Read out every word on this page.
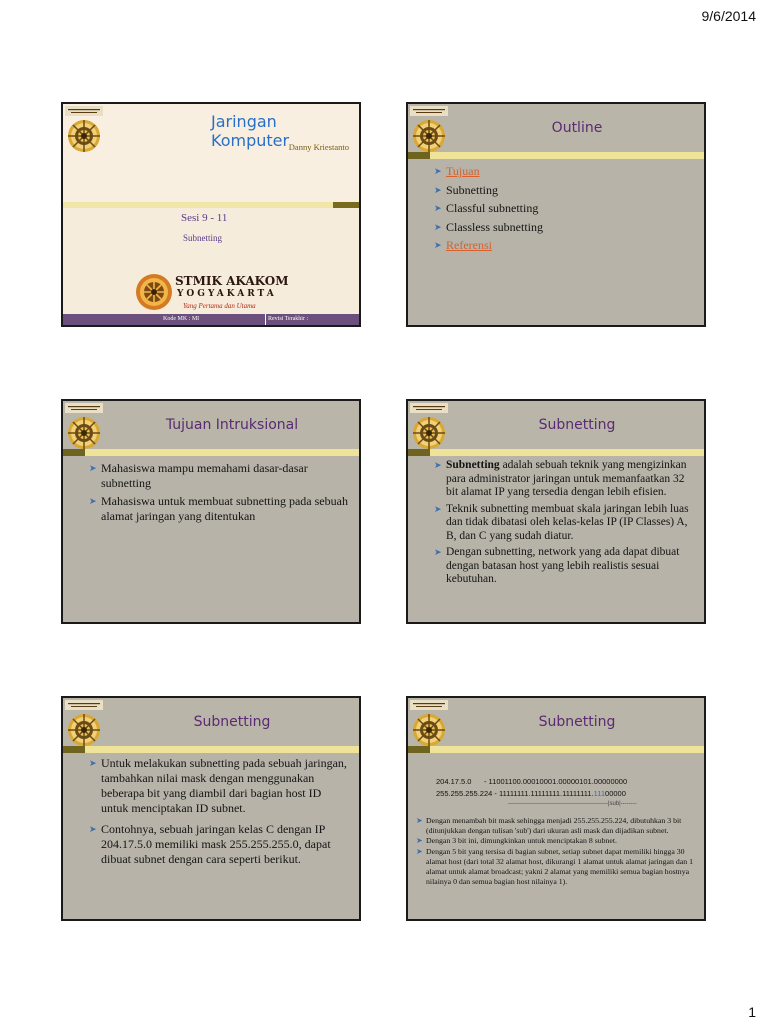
9/6/2014
Jaringan Komputer Danny Kriestanto
Sesi 9 - 11
Subnetting
STMIK AKAKOM
YOGYAKARTA
Yang Pertama dan Utama
Kode MK : MI	Revisi Terakhir :
Outline
➤ Tujuan
➤ Subnetting
➤ Classful subnetting
➤ Classless subnetting
➤ Referensi
Tujuan Intruksional
➤ Mahasiswa mampu memahami dasar-dasar subnetting
➤ Mahasiswa untuk membuat subnetting pada sebuah alamat jaringan yang ditentukan
Subnetting
➤ Subnetting adalah sebuah teknik yang mengizinkan para administrator jaringan untuk memanfaatkan 32 bit alamat IP yang tersedia dengan lebih efisien.
➤ Teknik subnetting membuat skala jaringan lebih luas dan tidak dibatasi oleh kelas-kelas IP (IP Classes) A, B, dan C yang sudah diatur.
➤ Dengan subnetting, network yang ada dapat dibuat dengan batasan host yang lebih realistis sesuai kebutuhan.
Subnetting
➤ Untuk melakukan subnetting pada sebuah jaringan, tambahkan nilai mask dengan menggunakan beberapa bit yang diambil dari bagian host ID untuk menciptakan ID subnet.
➤ Contohnya, sebuah jaringan kelas C dengan IP 204.17.5.0 memiliki mask 255.255.255.0, dapat dibuat subnet dengan cara seperti berikut.
Subnetting
204.17.5.0      - 11001100.00010001.00000101.00000000
255.255.255.224 - 11111111.11111111.11111111.11100000
--------------------------------------------------|sub|--------
➤ Dengan menambah bit mask sehingga menjadi 255.255.255.224, dibutuhkan 3 bit (ditunjukkan dengan tulisan 'sub') dari ukuran asli mask dan dijadikan subnet.
➤ Dengan 3 bit ini, dimungkinkan untuk menciptakan 8 subnet.
➤ Dengan 5 bit yang tersisa di bagian subnet, setiap subnet dapat memiliki hingga 30 alamat host (dari total 32 alamat host, dikurangi 1 alamat untuk alamat jaringan dan 1 alamat untuk alamat broadcast; yakni 2 alamat yang memiliki semua bagian hostnya nilainya 0 dan semua bagian host nilainya 1).
1
